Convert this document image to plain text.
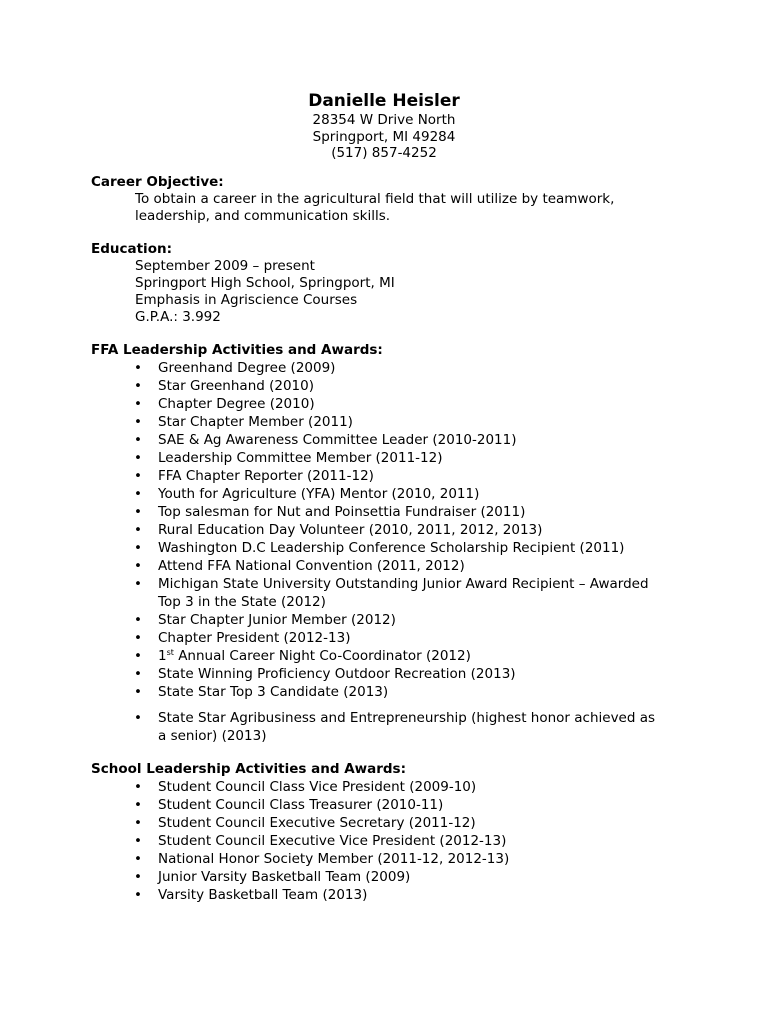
Danielle Heisler
28354 W Drive North
Springport, MI 49284
(517) 857-4252
Career Objective:
To obtain a career in the agricultural field that will utilize by teamwork,
leadership, and communication skills.
Education:
September 2009 – present
Springport High School, Springport, MI
Emphasis in Agriscience Courses
G.P.A.: 3.992
FFA Leadership Activities and Awards:
• Greenhand Degree (2009)
• Star Greenhand (2010)
• Chapter Degree (2010)
• Star Chapter Member (2011)
• SAE & Ag Awareness Committee Leader (2010-2011)
• Leadership Committee Member (2011-12)
• FFA Chapter Reporter (2011-12)
• Youth for Agriculture (YFA) Mentor (2010, 2011)
• Top salesman for Nut and Poinsettia Fundraiser (2011)
• Rural Education Day Volunteer (2010, 2011, 2012, 2013)
• Washington D.C Leadership Conference Scholarship Recipient (2011)
• Attend FFA National Convention (2011, 2012)
• Michigan State University Outstanding Junior Award Recipient – Awarded
Top 3 in the State (2012)
• Star Chapter Junior Member (2012)
• Chapter President (2012-13)
• 1st Annual Career Night Co-Coordinator (2012)
• State Winning Proficiency Outdoor Recreation (2013)
• State Star Top 3 Candidate (2013)
• State Star Agribusiness and Entrepreneurship (highest honor achieved as
a senior) (2013)
School Leadership Activities and Awards:
• Student Council Class Vice President (2009-10)
• Student Council Class Treasurer (2010-11)
• Student Council Executive Secretary (2011-12)
• Student Council Executive Vice President (2012-13)
• National Honor Society Member (2011-12, 2012-13)
• Junior Varsity Basketball Team (2009)
• Varsity Basketball Team (2013)
